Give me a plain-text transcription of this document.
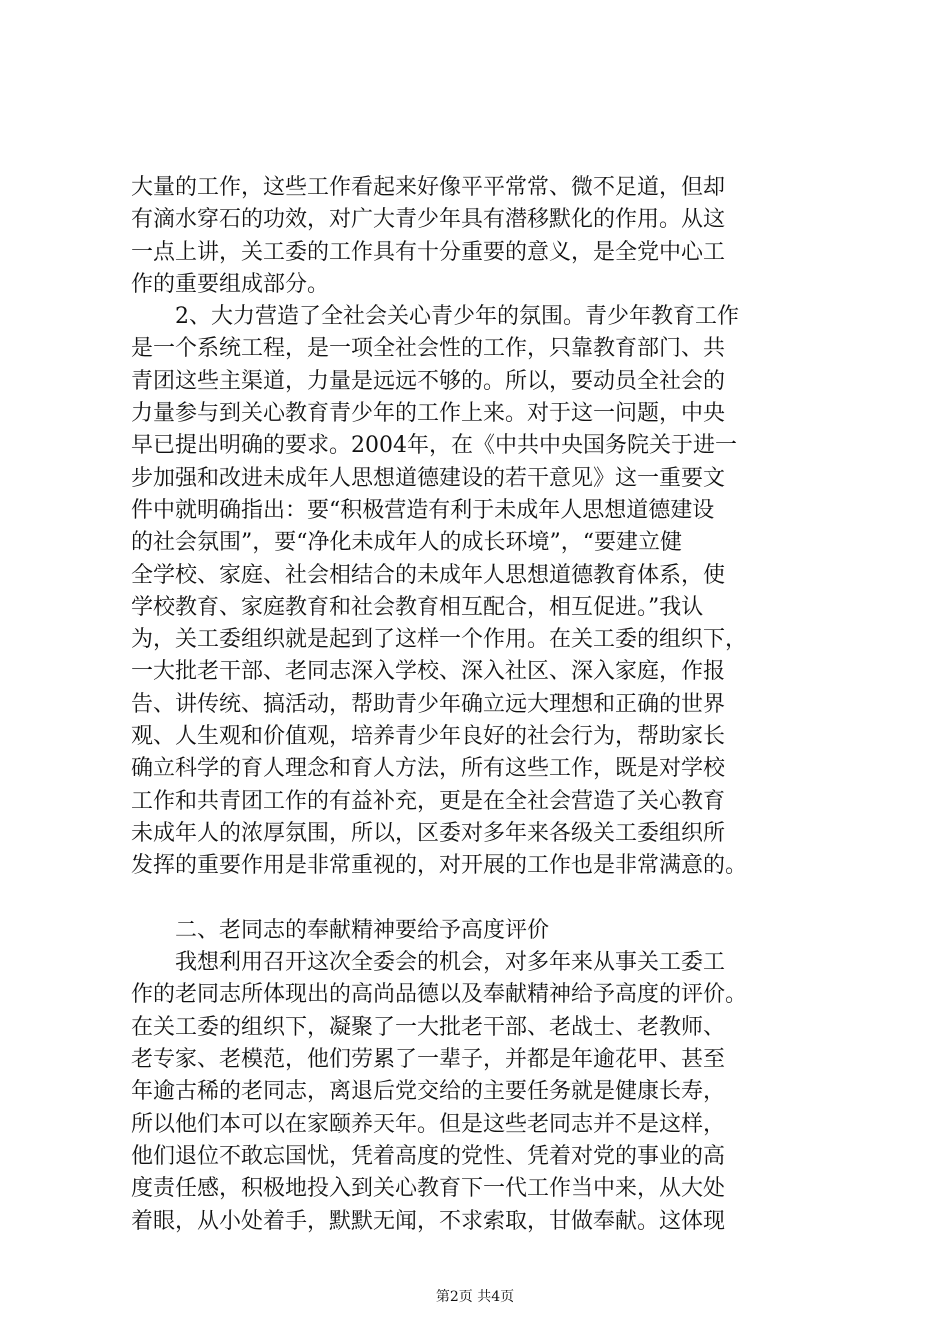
大量的工作，这些工作看起来好像平平常常、微不足道，但却
有滴水穿石的功效，对广大青少年具有潜移默化的作用。从这
一点上讲，关工委的工作具有十分重要的意义，是全党中心工
作的重要组成部分。
　　2、大力营造了全社会关心青少年的氛围。青少年教育工作
是一个系统工程，是一项全社会性的工作，只靠教育部门、共
青团这些主渠道，力量是远远不够的。所以，要动员全社会的
力量参与到关心教育青少年的工作上来。对于这一问题，中央
早已提出明确的要求。2004年，在《中共中央国务院关于进一
步加强和改进未成年人思想道德建设的若干意见》这一重要文
件中就明确指出：要“积极营造有利于未成年人思想道德建设
的社会氛围”，要“净化未成年人的成长环境”，“要建立健
全学校、家庭、社会相结合的未成年人思想道德教育体系，使
学校教育、家庭教育和社会教育相互配合，相互促进。”我认
为，关工委组织就是起到了这样一个作用。在关工委的组织下，
一大批老干部、老同志深入学校、深入社区、深入家庭，作报
告、讲传统、搞活动，帮助青少年确立远大理想和正确的世界
观、人生观和价值观，培养青少年良好的社会行为，帮助家长
确立科学的育人理念和育人方法，所有这些工作，既是对学校
工作和共青团工作的有益补充，更是在全社会营造了关心教育
未成年人的浓厚氛围，所以，区委对多年来各级关工委组织所
发挥的重要作用是非常重视的，对开展的工作也是非常满意的。
　　二、老同志的奉献精神要给予高度评价
　　我想利用召开这次全委会的机会，对多年来从事关工委工
作的老同志所体现出的高尚品德以及奉献精神给予高度的评价。
在关工委的组织下，凝聚了一大批老干部、老战士、老教师、
老专家、老模范，他们劳累了一辈子，并都是年逾花甲、甚至
年逾古稀的老同志，离退后党交给的主要任务就是健康长寿，
所以他们本可以在家颐养天年。但是这些老同志并不是这样，
他们退位不敢忘国忧，凭着高度的党性、凭着对党的事业的高
度责任感，积极地投入到关心教育下一代工作当中来，从大处
着眼，从小处着手，默默无闻，不求索取，甘做奉献。这体现
第2页 共4页
